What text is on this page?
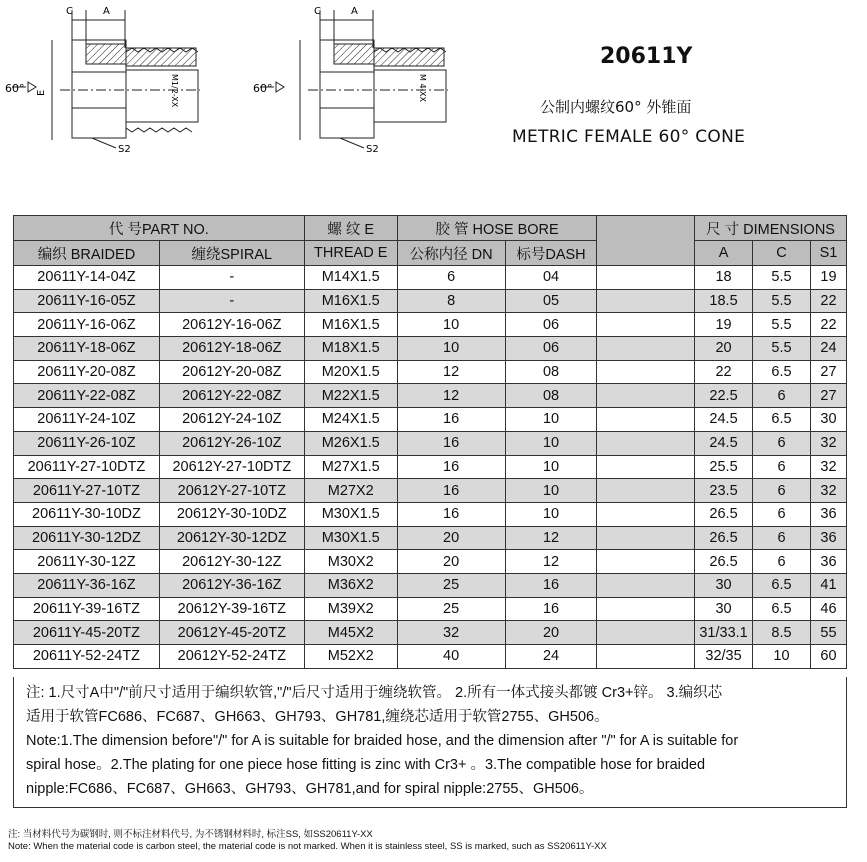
60° E
C	A
S2
M1/2-XX	60°
C	A
S2
M 4-XX
20611Y
公制内螺纹60° 外锥面
METRIC FEMALE 60° CONE
代 号PART NO.		螺 纹 E	胶 管 HOSE BORE			尺 寸 DIMENSIONS		
编织 BRAIDED	缠绕SPIRAL	THREAD E	公称内径 DN	标号DASH		A	C	S1
20611Y-14-04Z	-	M14X1.5	6	04		18	5.5	19
20611Y-16-05Z	-	M16X1.5	8	05		18.5	5.5	22
20611Y-16-06Z	20612Y-16-06Z	M16X1.5	10	06		19	5.5	22
20611Y-18-06Z	20612Y-18-06Z	M18X1.5	10	06		20	5.5	24
20611Y-20-08Z	20612Y-20-08Z	M20X1.5	12	08		22	6.5	27
20611Y-22-08Z	20612Y-22-08Z	M22X1.5	12	08		22.5	6	27
20611Y-24-10Z	20612Y-24-10Z	M24X1.5	16	10		24.5	6.5	30
20611Y-26-10Z	20612Y-26-10Z	M26X1.5	16	10		24.5	6	32
20611Y-27-10DTZ	20612Y-27-10DTZ	M27X1.5	16	10		25.5	6	32
20611Y-27-10TZ	20612Y-27-10TZ	M27X2	16	10		23.5	6	32
20611Y-30-10DZ	20612Y-30-10DZ	M30X1.5	16	10		26.5	6	36
20611Y-30-12DZ	20612Y-30-12DZ	M30X1.5	20	12		26.5	6	36
20611Y-30-12Z	20612Y-30-12Z	M30X2	20	12		26.5	6	36
20611Y-36-16Z	20612Y-36-16Z	M36X2	25	16		30	6.5	41
20611Y-39-16TZ	20612Y-39-16TZ	M39X2	25	16		30	6.5	46
20611Y-45-20TZ	20612Y-45-20TZ	M45X2	32	20		31/33.1	8.5	55
20611Y-52-24TZ	20612Y-52-24TZ	M52X2	40	24		32/35	10	60

注: 1.尺寸A中"/"前尺寸适用于编织软管,"/"后尺寸适用于缠绕软管。 2.所有一体式接头都镀 Cr3+锌。 3.编织芯

适用于软管FC686、FC687、GH663、GH793、GH781,缠绕芯适用于软管2755、GH506。

Note:1.The dimension before"/" for A is suitable for braided hose, and the dimension after "/" for A is suitable for

spiral hose。2.The plating for one piece hose fitting is zinc with Cr3+ 。3.The compatible hose for braided

nipple:FC686、FC687、GH663、GH793、GH781,and for spiral nipple:2755、GH506。

注: 当材料代号为碳钢时, 则不标注材料代号, 为不锈钢材料时, 标注SS, 如SS20611Y-XX
Note: When the material code is carbon steel, the material code is not marked. When it is stainless steel, SS is marked, such as SS20611Y-XX
